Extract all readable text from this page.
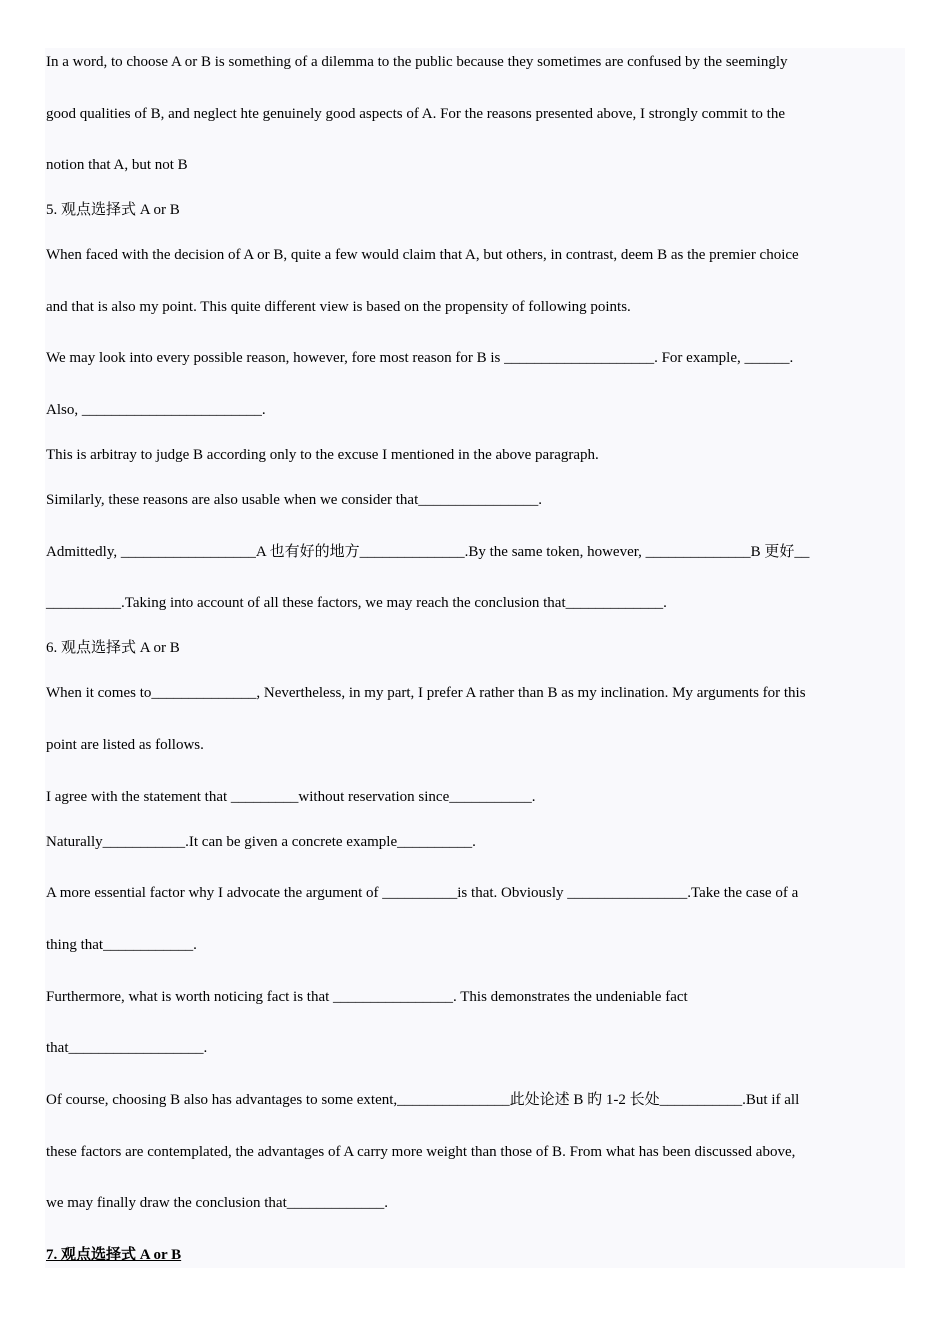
In a word, to choose A or B is something of a dilemma to the public because they sometimes are confused by the seemingly
good qualities of B, and neglect hte genuinely good aspects of A. For the reasons presented above, I strongly commit to the
notion that A, but not B
5. 观点选择式 A or B
When faced with the decision of A or B, quite a few would claim that A, but others, in contrast, deem B as the premier choice
and that is also my point. This quite different view is based on the propensity of following points.
We may look into every possible reason, however, fore most reason for B is ____________________. For example, ______.
Also, ________________________.
This is arbitray to judge B according only to the excuse I mentioned in the above paragraph.
Similarly, these reasons are also usable when we consider that________________.
Admittedly, __________________A 也有好的地方______________.By the same token, however, ______________B 更好__
__________.Taking into account of all these factors, we may reach the conclusion that_____________.
6. 观点选择式 A or B
When it comes to______________, Nevertheless, in my part, I prefer A rather than B as my inclination. My arguments for this
point are listed as follows.
I agree with the statement that _________without reservation since___________.
Naturally___________.It can be given a concrete example__________.
A more essential factor why I advocate the argument of __________is that. Obviously ________________.Take the case of a
thing that____________.
Furthermore, what is worth noticing fact is that ________________. This demonstrates the undeniable fact
that__________________.
Of course, choosing B also has advantages to some extent,_______________此处论述 B 旳 1-2 长处___________.But if all
these factors are contemplated, the advantages of A carry more weight than those of B. From what has been discussed above,
we may finally draw the conclusion that_____________.
7. 观点选择式 A or B
